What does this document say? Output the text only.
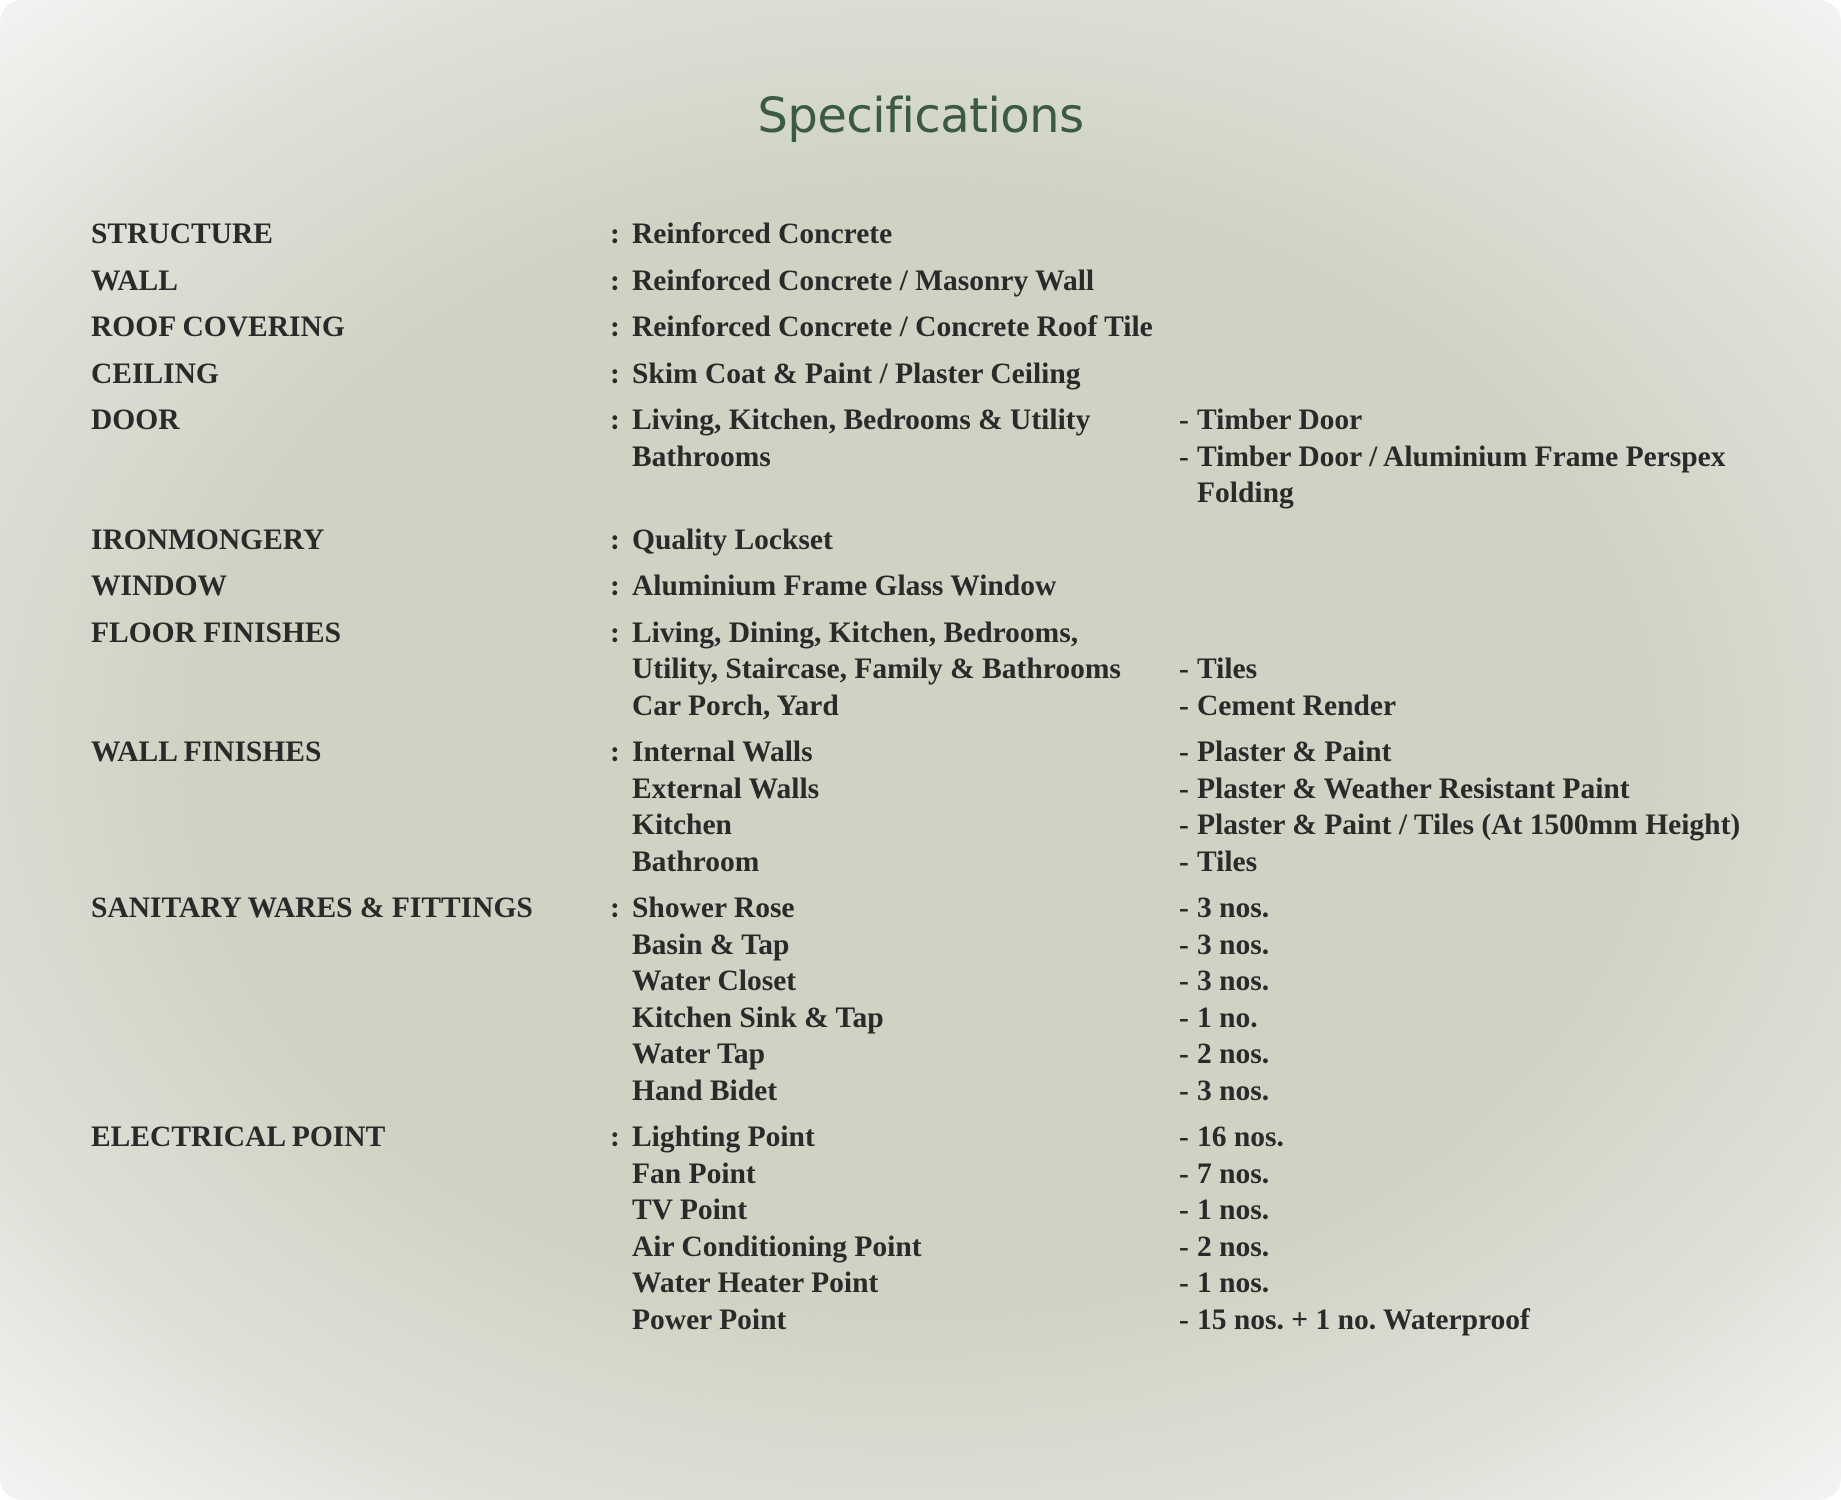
Specifications
STRUCTURE	: Reinforced Concrete
WALL	: Reinforced Concrete / Masonry Wall
ROOF COVERING	: Reinforced Concrete / Concrete Roof Tile
CEILING	: Skim Coat & Paint / Plaster Ceiling
DOOR	: Living, Kitchen, Bedrooms & Utility	- Timber Door
Bathrooms	- Timber Door / Aluminium Frame Perspex
Folding
IRONMONGERY	: Quality Lockset
WINDOW	: Aluminium Frame Glass Window
FLOOR FINISHES	: Living, Dining, Kitchen, Bedrooms,
Utility, Staircase, Family & Bathrooms - Tiles
Car Porch, Yard	- Cement Render
WALL FINISHES	: Internal Walls	- Plaster & Paint
External Walls	- Plaster & Weather Resistant Paint
Kitchen	- Plaster & Paint / Tiles (At 1500mm Height)
Bathroom	- Tiles
SANITARY WARES & FITTINGS	: Shower Rose	- 3 nos.
Basin & Tap	- 3 nos.
Water Closet	- 3 nos.
Kitchen Sink & Tap	- 1 no.
Water Tap	- 2 nos.
Hand Bidet	- 3 nos.
ELECTRICAL POINT	: Lighting Point	- 16 nos.
Fan Point	- 7 nos.
TV Point	- 1 nos.
Air Conditioning Point	- 2 nos.
Water Heater Point	- 1 nos.
Power Point	- 15 nos. + 1 no. Waterproof
